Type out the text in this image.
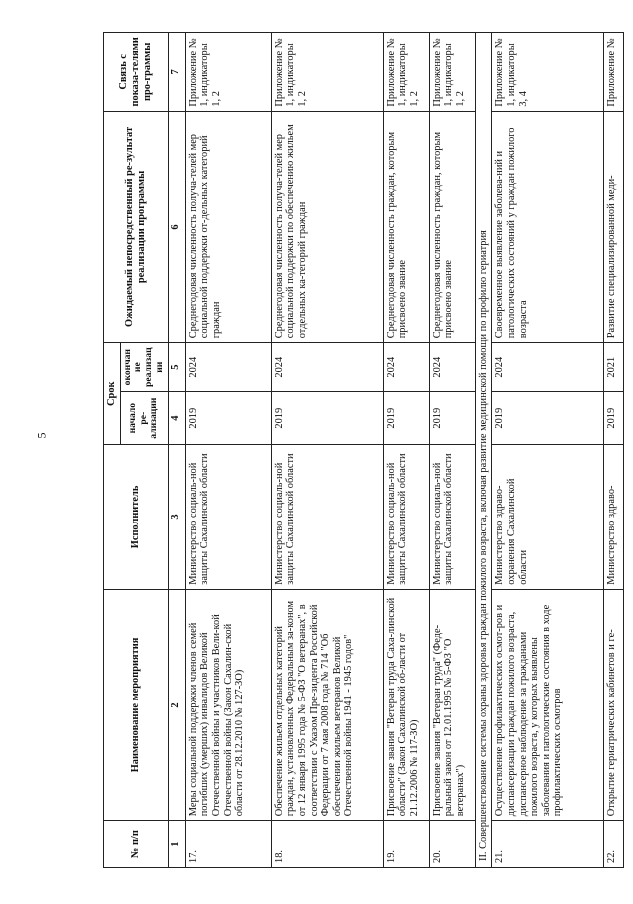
5
№ п/п	Наименование мероприятия	Исполнитель	Срок		Ожидаемый непосредственный ре-зультат реализации программы	Связь с показа-телями про-граммы
			начало ре-ализации	окончание реализации		
1	2	3	4	5	6	7
17.	Меры социальной поддержки членов семей погибших (умерших) инвалидов Великой Отечественной войны и участников Вели-кой Отечественной войны (Закон Сахалин-ской области от 28.12.2010 № 127-ЗО)	Министерство социаль-ной защиты Сахалинской области	2019	2024	Среднегодовая численность получа-телей мер социальной поддержки от-дельных категорий граждан	Приложение № 1, индикаторы 1, 2
18.	Обеспечение жильем отдельных категорий граждан, установленных Федеральным за-коном от 12 января 1995 года № 5-ФЗ "О ветеранах", в соответствии с Указом Пре-зидента Российской Федерации от 7 мая 2008 года № 714 "Об обеспечении жильем ветеранов Великой Отечественной войны 1941 - 1945 годов"	Министерство социаль-ной защиты Сахалинской области	2019	2024	Среднегодовая численность получа-телей мер социальной поддержки по обеспечению жильем отдельных ка-тегорий граждан	Приложение № 1, индикаторы 1, 2
19.	Присвоение звания "Ветеран труда Саха-линской области" (Закон Сахалинской об-ласти от 21.12.2006 № 117-ЗО)	Министерство социаль-ной защиты Сахалинской области	2019	2024	Среднегодовая численность граждан, которым присвоено звание	Приложение № 1, индикаторы 1, 2
20.	Присвоение звания "Ветеран труда" (Феде-ральный закон от 12.01.1995 № 5-ФЗ "О ветеранах")	Министерство социаль-ной защиты Сахалинской области	2019	2024	Среднегодовая численность граждан, которым присвоено звание	Приложение № 1, индикаторы 1, 2
II. Совершенствование системы охраны здоровья граждан пожилого возраста, включая развитие медицинской помощи по профилю гериатрия						
21.	Осуществление профилактических осмот-ров и диспансеризации граждан пожилого возраста, диспансерное наблюдение за гражданами пожилого возраста, у которых выявлены заболевания и патологические состояния в ходе профилактических осмотров	Министерство здраво-охранения Сахалинской области	2019	2024	Своевременное выявление заболева-ний и патологических состояний у граждан пожилого возраста	Приложение № 1, индикаторы 3, 4
22.	Открытие гериатрических кабинетов и ге-	Министерство здраво-	2019	2021	Развитие специализированной меди-	Приложение №
